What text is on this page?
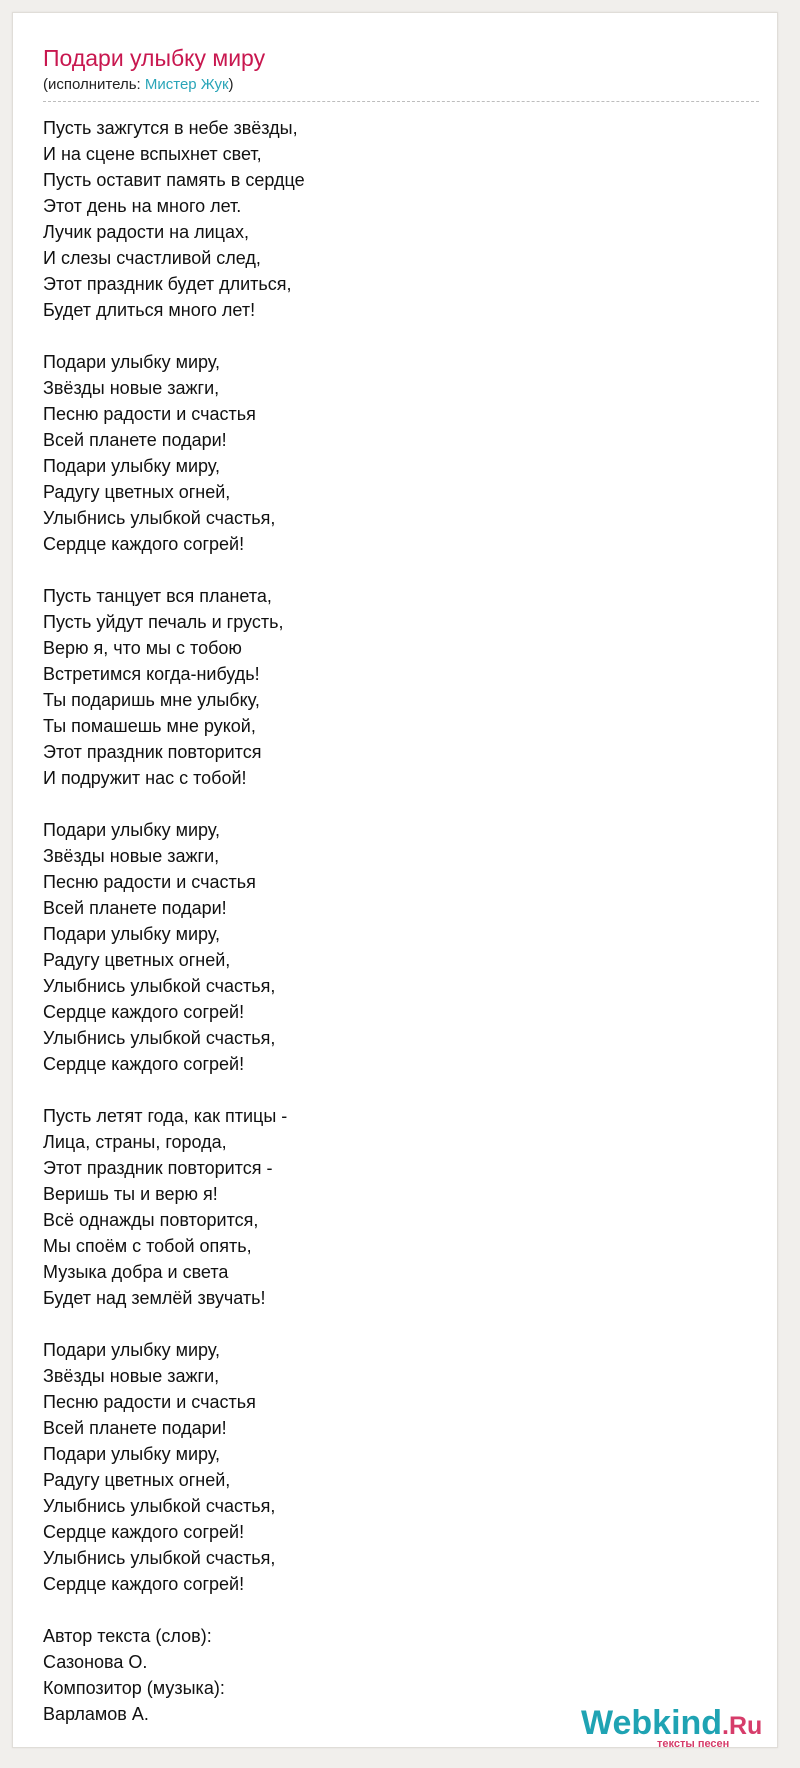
Подари улыбку миру
(исполнитель: Мистер Жук)
Пусть зажгутся в небе звёзды,
И на сцене вспыхнет свет,
Пусть оставит память в сердце
Этот день на много лет.
Лучик радости на лицах,
И слезы счастливой след,
Этот праздник будет длиться,
Будет длиться много лет!
Подари улыбку миру,
Звёзды новые зажги,
Песню радости и счастья
Всей планете подари!
Подари улыбку миру,
Радугу цветных огней,
Улыбнись улыбкой счастья,
Сердце каждого согрей!
Пусть танцует вся планета,
Пусть уйдут печаль и грусть,
Верю я, что мы с тобою
Встретимся когда-нибудь!
Ты подаришь мне улыбку,
Ты помашешь мне рукой,
Этот праздник повторится
И подружит нас с тобой!
Подари улыбку миру,
Звёзды новые зажги,
Песню радости и счастья
Всей планете подари!
Подари улыбку миру,
Радугу цветных огней,
Улыбнись улыбкой счастья,
Сердце каждого согрей!
Улыбнись улыбкой счастья,
Сердце каждого согрей!
Пусть летят года, как птицы -
Лица, страны, города,
Этот праздник повторится -
Веришь ты и верю я!
Всё однажды повторится,
Мы споём с тобой опять,
Музыка добра и света
Будет над землёй звучать!
Подари улыбку миру,
Звёзды новые зажги,
Песню радости и счастья
Всей планете подари!
Подари улыбку миру,
Радугу цветных огней,
Улыбнись улыбкой счастья,
Сердце каждого согрей!
Улыбнись улыбкой счастья,
Сердце каждого согрей!
Автор текста (слов):
Сазонова О.
Композитор (музыка):
Варламов А.	Webkind.Ru
тексты песен
